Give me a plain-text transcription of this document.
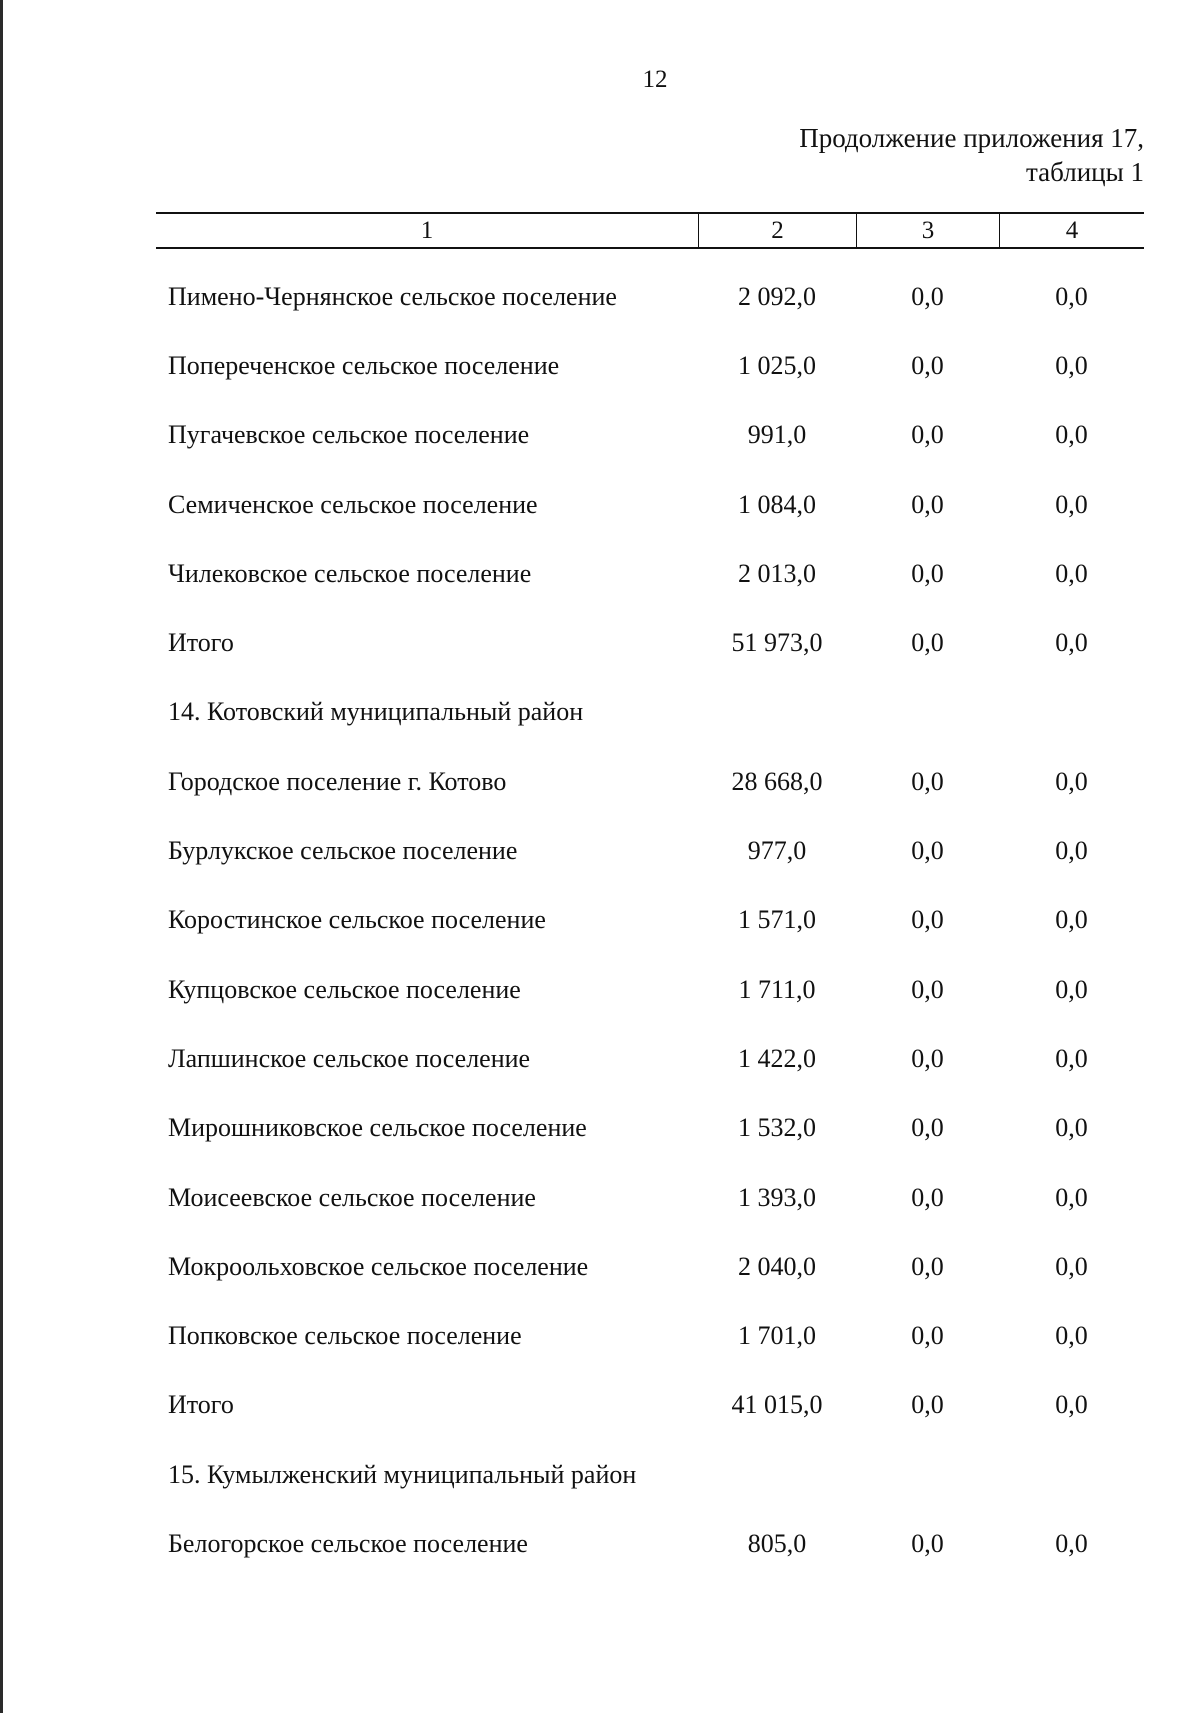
12
Продолжение приложения 17,
таблицы 1
1	2	3	4
Пимено-Чернянское сельское поселение	2 092,0	0,0	0,0
Попереченское сельское поселение	1 025,0	0,0	0,0
Пугачевское сельское поселение	991,0	0,0	0,0
Семиченское сельское поселение	1 084,0	0,0	0,0
Чилековское сельское поселение	2 013,0	0,0	0,0
Итого	51 973,0	0,0	0,0
14. Котовский муниципальный район
Городское поселение г. Котово	28 668,0	0,0	0,0
Бурлукское сельское поселение	977,0	0,0	0,0
Коростинское сельское поселение	1 571,0	0,0	0,0
Купцовское сельское поселение	1 711,0	0,0	0,0
Лапшинское сельское поселение	1 422,0	0,0	0,0
Мирошниковское сельское поселение	1 532,0	0,0	0,0
Моисеевское сельское поселение	1 393,0	0,0	0,0
Мокроольховское сельское поселение	2 040,0	0,0	0,0
Попковское сельское поселение	1 701,0	0,0	0,0
Итого	41 015,0	0,0	0,0
15. Кумылженский муниципальный район
Белогорское сельское поселение	805,0	0,0	0,0
